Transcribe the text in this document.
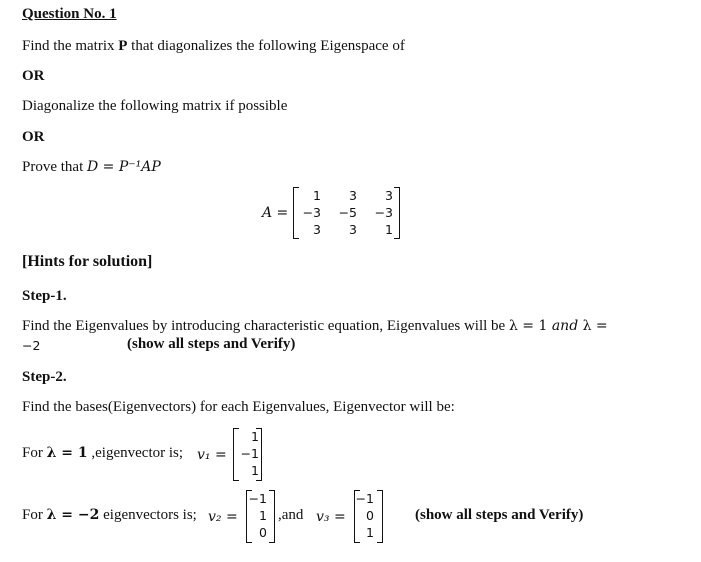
Question No. 1
Find the matrix P that diagonalizes the following Eigenspace of
OR
Diagonalize the following matrix if possible
OR
Prove that D = P⁻¹AP
A =
1	3	3
−3	−5	−3
3	3	1
[Hints for solution]
Step-1.
Find the Eigenvalues by introducing characteristic equation, Eigenvalues will be λ = 1 and λ =
−2	(show all steps and Verify)
Step-2.
Find the bases(Eigenvectors) for each Eigenvalues, Eigenvector will be:
For λ = 1 ,eigenvector is; v₁ =
1
−1
1
For λ = −2 eigenvectors is; v₂ =
−1
1
0
,and v₃ =
−1
0
1
(show all steps and Verify)
